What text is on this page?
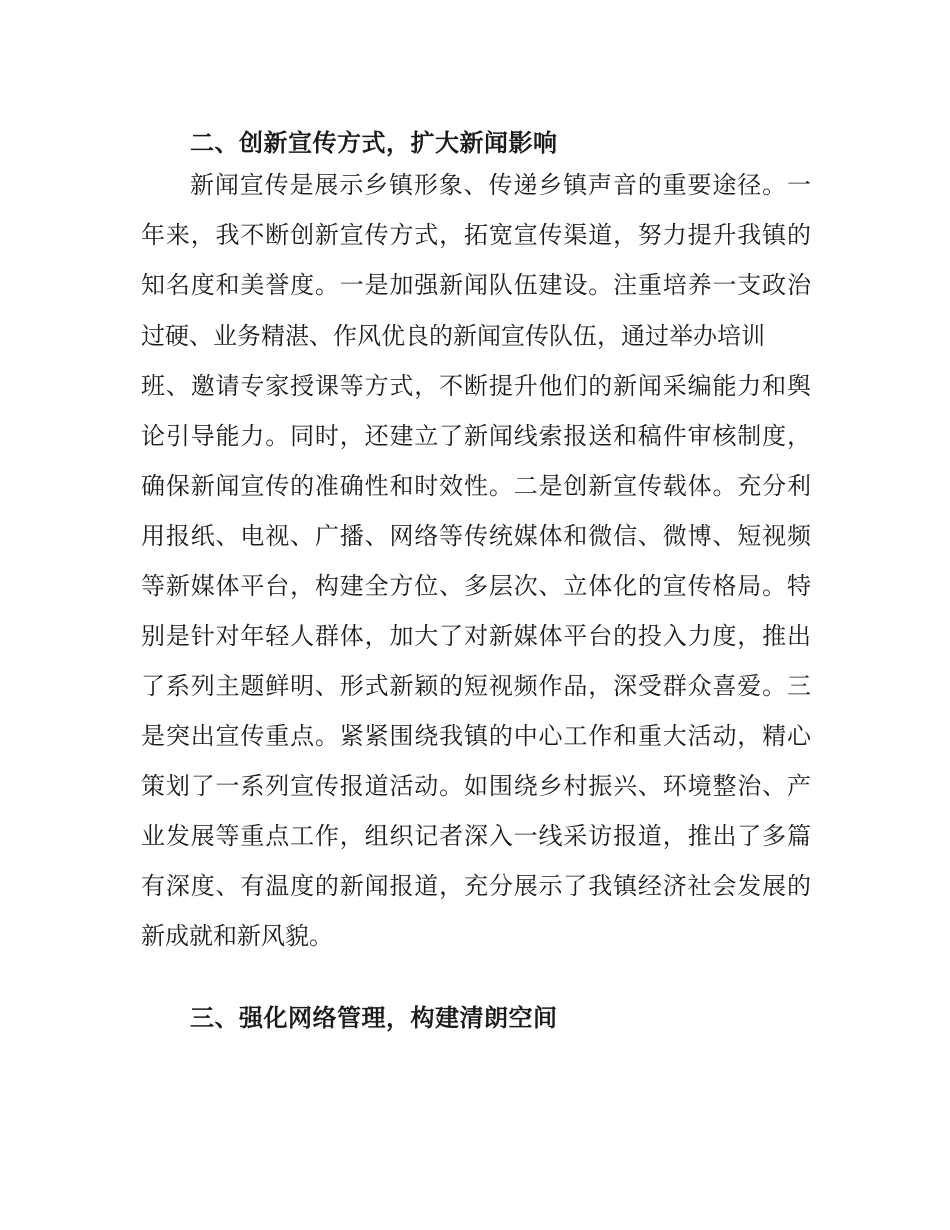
二、创新宣传方式，扩大新闻影响
新闻宣传是展示乡镇形象、传递乡镇声音的重要途径。一
年来，我不断创新宣传方式，拓宽宣传渠道，努力提升我镇的
知名度和美誉度。一是加强新闻队伍建设。注重培养一支政治
过硬、业务精湛、作风优良的新闻宣传队伍，通过举办培训
班、邀请专家授课等方式，不断提升他们的新闻采编能力和舆
论引导能力。同时，还建立了新闻线索报送和稿件审核制度，
确保新闻宣传的准确性和时效性。二是创新宣传载体。充分利
用报纸、电视、广播、网络等传统媒体和微信、微博、短视频
等新媒体平台，构建全方位、多层次、立体化的宣传格局。特
别是针对年轻人群体，加大了对新媒体平台的投入力度，推出
了系列主题鲜明、形式新颖的短视频作品，深受群众喜爱。三
是突出宣传重点。紧紧围绕我镇的中心工作和重大活动，精心
策划了一系列宣传报道活动。如围绕乡村振兴、环境整治、产
业发展等重点工作，组织记者深入一线采访报道，推出了多篇
有深度、有温度的新闻报道，充分展示了我镇经济社会发展的
新成就和新风貌。
三、强化网络管理，构建清朗空间
